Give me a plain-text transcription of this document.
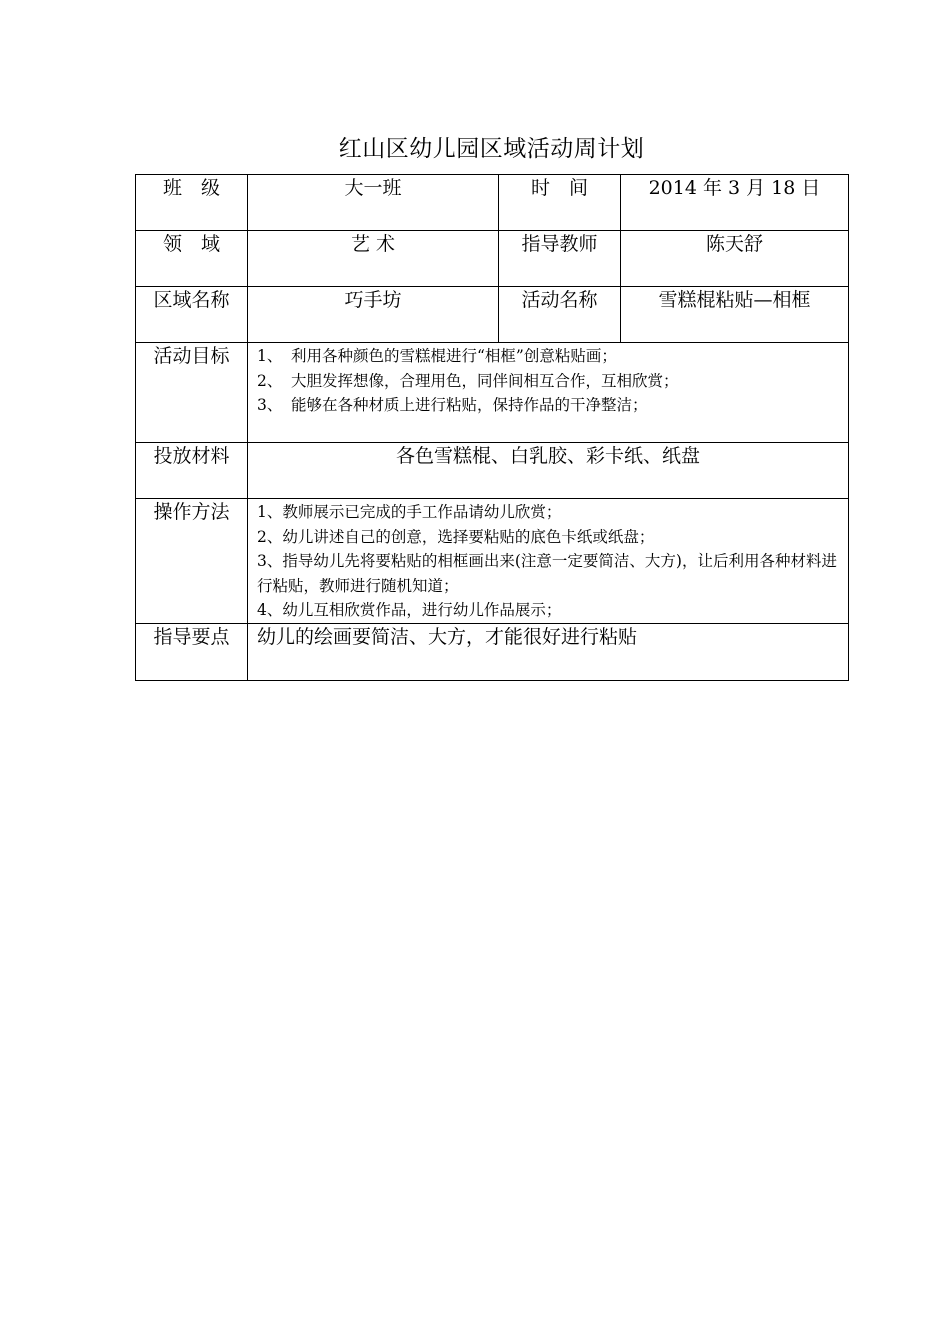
红山区幼儿园区域活动周计划
班　级	大一班	时　间	2014 年 3 月 18 日
领　域	艺 术	指导教师	陈天舒
区域名称	巧手坊	活动名称	雪糕棍粘贴—相框
活动目标	1、 利用各种颜色的雪糕棍进行“相框”创意粘贴画；
2、 大胆发挥想像，合理用色，同伴间相互合作，互相欣赏；
3、 能够在各种材质上进行粘贴，保持作品的干净整洁；		

投放材料	各色雪糕棍、白乳胶、彩卡纸、纸盘		
操作方法	1、教师展示已完成的手工作品请幼儿欣赏；
2、幼儿讲述自己的创意，选择要粘贴的底色卡纸或纸盘；
3、指导幼儿先将要粘贴的相框画出来(注意一定要简洁、大方)，让后利用各种材料进行粘贴，教师进行随机知道；
4、幼儿互相欣赏作品，进行幼儿作品展示；		

指导要点	幼儿的绘画要简洁、大方，才能很好进行粘贴		
